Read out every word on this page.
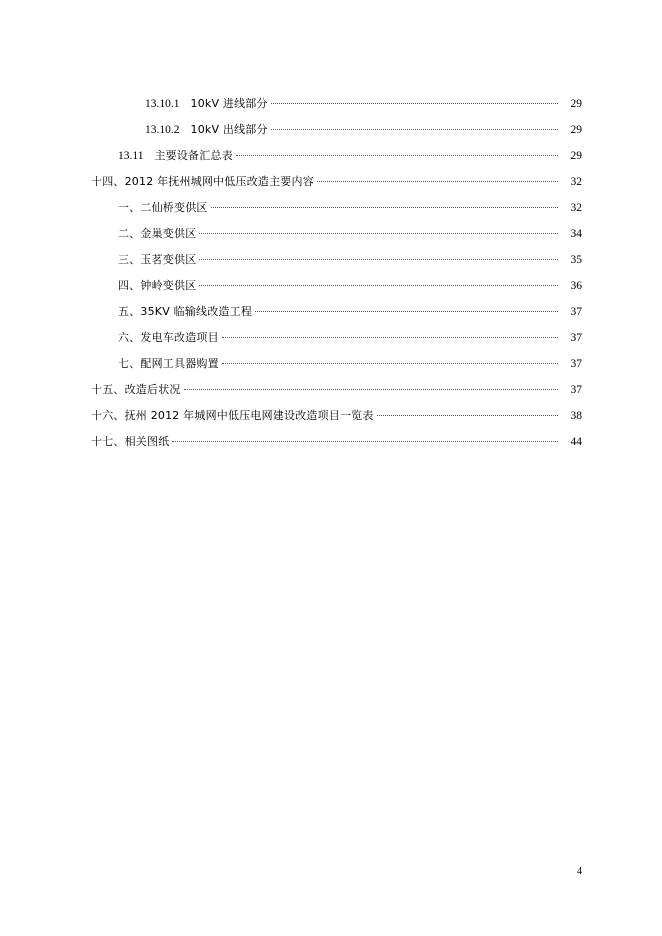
13.10.1 10kV 进线部分	29
13.10.2 10kV 出线部分	29
13.11 主要设备汇总表	29
十四、2012 年抚州城网中低压改造主要内容	32
一、二仙桥变供区	32
二、金巢变供区	34
三、玉茗变供区	35
四、钟岭变供区	36
五、35KV 临输线改造工程	37
六、发电车改造项目	37
七、配网工具器购置	37
十五、改造后状况	37
十六、抚州 2012 年城网中低压电网建设改造项目一览表	38
十七、相关图纸	44
4
